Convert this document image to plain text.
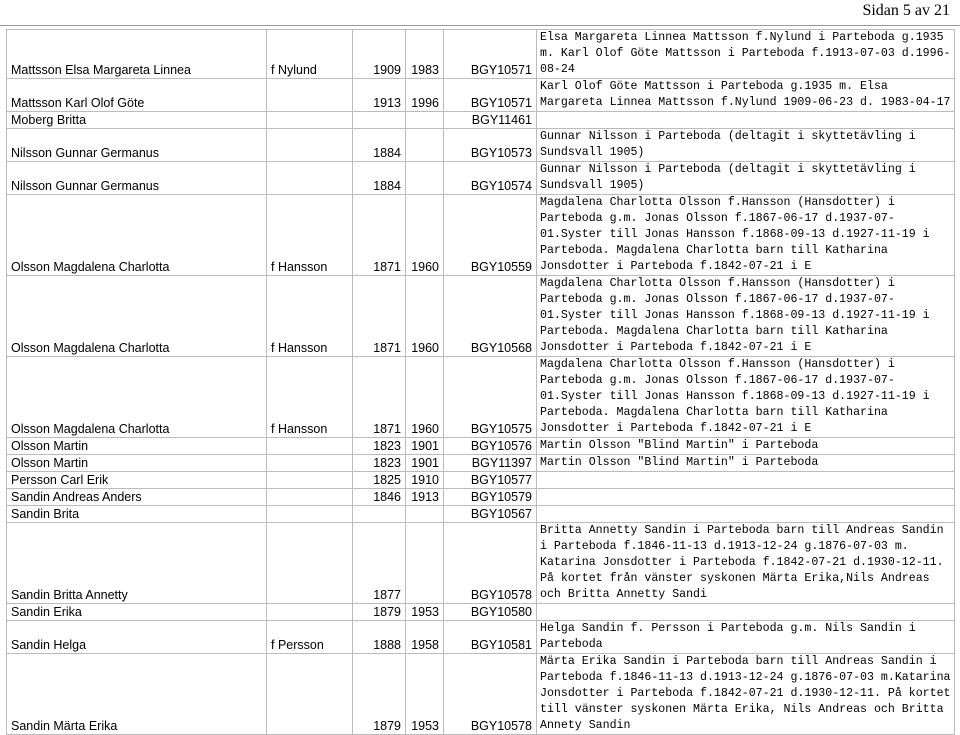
Sidan 5 av 21
Mattsson Elsa Margareta Linnea	f Nylund	1909	1983	BGY10571	Elsa Margareta Linnea Mattsson f.Nylund i Parteboda g.1935 m. Karl Olof Göte Mattsson i Parteboda f.1913-07-03 d.1996-08-24
Mattsson Karl Olof Göte		1913	1996	BGY10571	Karl Olof Göte Mattsson i Parteboda g.1935 m. Elsa Margareta Linnea Mattsson f.Nylund 1909-06-23 d. 1983-04-17
Moberg Britta				BGY11461	
Nilsson Gunnar Germanus		1884		BGY10573	Gunnar Nilsson i Parteboda (deltagit i skyttetävling i Sundsvall 1905)
Nilsson Gunnar Germanus		1884		BGY10574	Gunnar Nilsson i Parteboda (deltagit i skyttetävling i Sundsvall 1905)
Olsson Magdalena Charlotta	f Hansson	1871	1960	BGY10559	Magdalena Charlotta Olsson f.Hansson (Hansdotter) i Parteboda g.m. Jonas Olsson f.1867-06-17 d.1937-07-01.Syster till Jonas Hansson f.1868-09-13 d.1927-11-19 i Parteboda. Magdalena Charlotta barn till Katharina Jonsdotter i Parteboda f.1842-07-21 i E
Olsson Magdalena Charlotta	f Hansson	1871	1960	BGY10568	Magdalena Charlotta Olsson f.Hansson (Hansdotter) i Parteboda g.m. Jonas Olsson f.1867-06-17 d.1937-07-01.Syster till Jonas Hansson f.1868-09-13 d.1927-11-19 i Parteboda. Magdalena Charlotta barn till Katharina Jonsdotter i Parteboda f.1842-07-21 i E
Olsson Magdalena Charlotta	f Hansson	1871	1960	BGY10575	Magdalena Charlotta Olsson f.Hansson (Hansdotter) i Parteboda g.m. Jonas Olsson f.1867-06-17 d.1937-07-01.Syster till Jonas Hansson f.1868-09-13 d.1927-11-19 i Parteboda. Magdalena Charlotta barn till Katharina Jonsdotter i Parteboda f.1842-07-21 i E
Olsson Martin		1823	1901	BGY10576	Martin Olsson "Blind Martin" i Parteboda
Olsson Martin		1823	1901	BGY11397	Martin Olsson "Blind Martin" i Parteboda
Persson Carl Erik		1825	1910	BGY10577	
Sandin Andreas Anders		1846	1913	BGY10579	
Sandin Brita				BGY10567	
Sandin Britta Annetty		1877		BGY10578	Britta Annetty Sandin i Parteboda barn till Andreas Sandin i Parteboda f.1846-11-13 d.1913-12-24 g.1876-07-03 m. Katarina Jonsdotter i Parteboda f.1842-07-21 d.1930-12-11. På kortet från vänster syskonen Märta Erika,Nils Andreas och Britta Annetty Sandi
Sandin Erika		1879	1953	BGY10580	
Sandin Helga	f Persson	1888	1958	BGY10581	Helga Sandin f. Persson i Parteboda g.m. Nils Sandin i Parteboda
Sandin Märta Erika		1879	1953	BGY10578	Märta Erika Sandin i Parteboda barn till Andreas Sandin i Parteboda f.1846-11-13 d.1913-12-24 g.1876-07-03 m.Katarina Jonsdotter i Parteboda f.1842-07-21 d.1930-12-11. På kortet till vänster syskonen Märta Erika, Nils Andreas och Britta Annety Sandin
